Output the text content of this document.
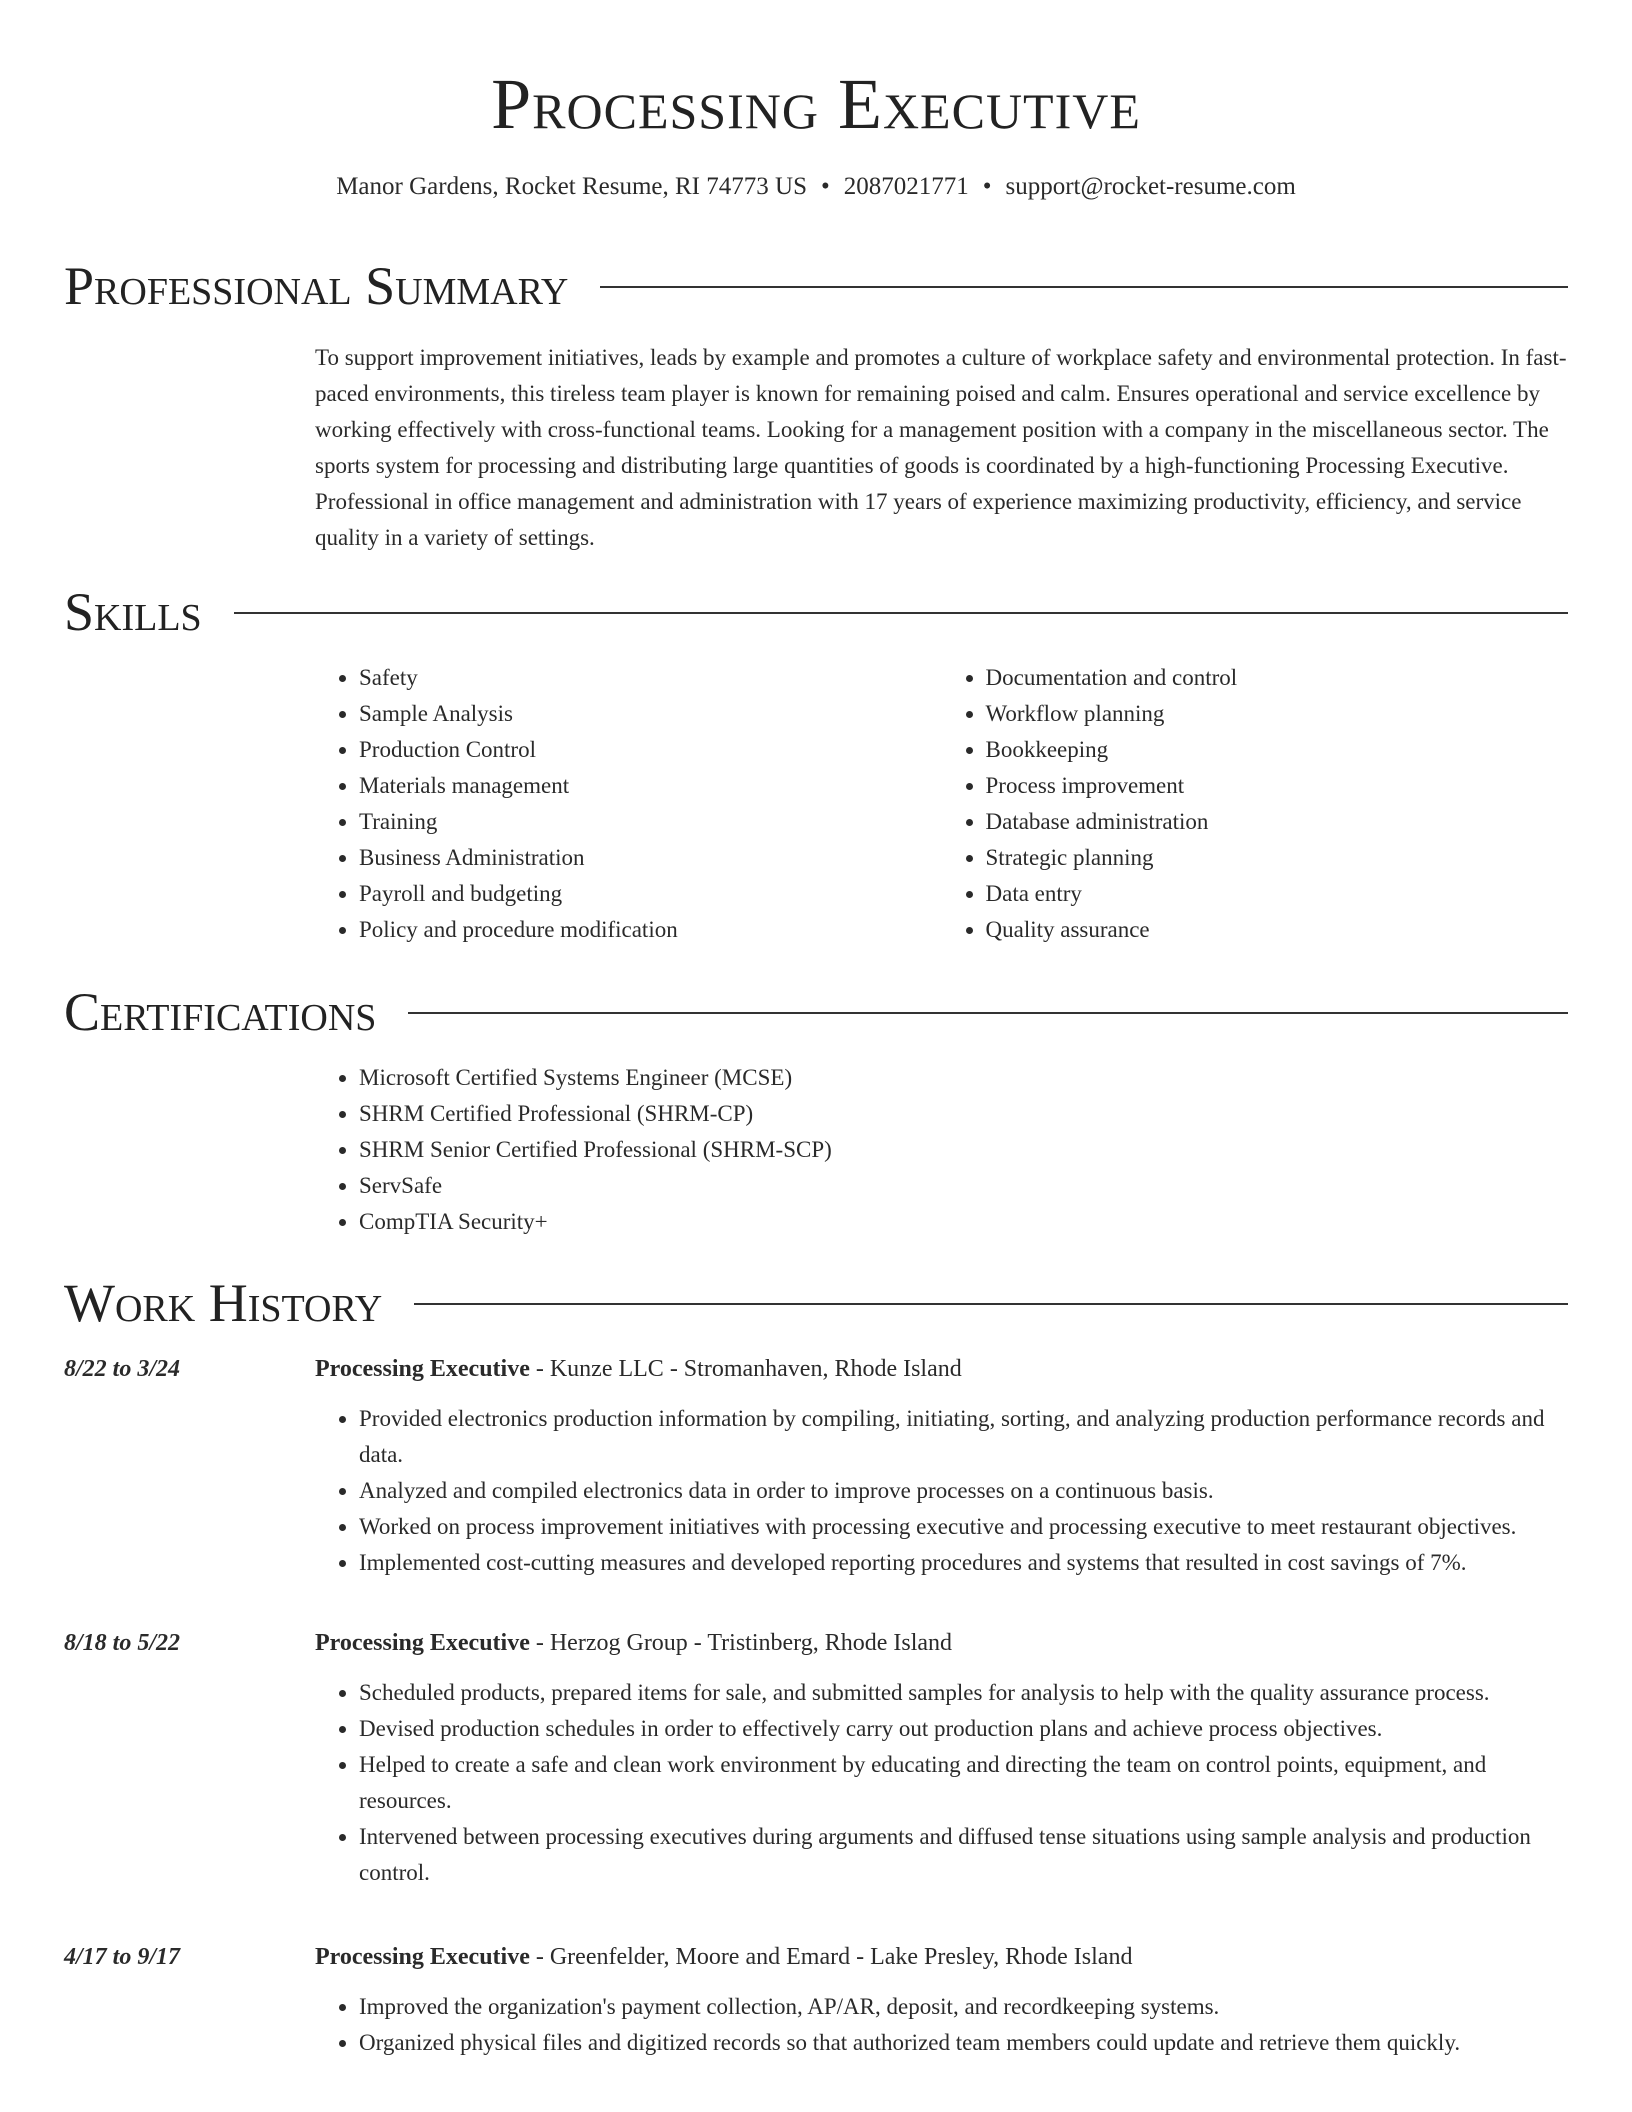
Processing Executive
Manor Gardens, Rocket Resume, RI 74773 US • 2087021771 • support@rocket-resume.com
Professional Summary
To support improvement initiatives, leads by example and promotes a culture of workplace safety and environmental protection. In fast-paced environments, this tireless team player is known for remaining poised and calm. Ensures operational and service excellence by working effectively with cross-functional teams. Looking for a management position with a company in the miscellaneous sector. The sports system for processing and distributing large quantities of goods is coordinated by a high-functioning Processing Executive. Professional in office management and administration with 17 years of experience maximizing productivity, efficiency, and service quality in a variety of settings.
Skills
• Safety
• Sample Analysis
• Production Control
• Materials management
• Training
• Business Administration
• Payroll and budgeting
• Policy and procedure modification
• Documentation and control
• Workflow planning
• Bookkeeping
• Process improvement
• Database administration
• Strategic planning
• Data entry
• Quality assurance
Certifications
• Microsoft Certified Systems Engineer (MCSE)
• SHRM Certified Professional (SHRM-CP)
• SHRM Senior Certified Professional (SHRM-SCP)
• ServSafe
• CompTIA Security+
Work History
8/22 to 3/24	Processing Executive - Kunze LLC - Stromanhaven, Rhode Island
• Provided electronics production information by compiling, initiating, sorting, and analyzing production performance records and data.
• Analyzed and compiled electronics data in order to improve processes on a continuous basis.
• Worked on process improvement initiatives with processing executive and processing executive to meet restaurant objectives.
• Implemented cost-cutting measures and developed reporting procedures and systems that resulted in cost savings of 7%.
8/18 to 5/22	Processing Executive - Herzog Group - Tristinberg, Rhode Island
• Scheduled products, prepared items for sale, and submitted samples for analysis to help with the quality assurance process.
• Devised production schedules in order to effectively carry out production plans and achieve process objectives.
• Helped to create a safe and clean work environment by educating and directing the team on control points, equipment, and resources.
• Intervened between processing executives during arguments and diffused tense situations using sample analysis and production control.
4/17 to 9/17	Processing Executive - Greenfelder, Moore and Emard - Lake Presley, Rhode Island
• Improved the organization's payment collection, AP/AR, deposit, and recordkeeping systems.
• Organized physical files and digitized records so that authorized team members could update and retrieve them quickly.
